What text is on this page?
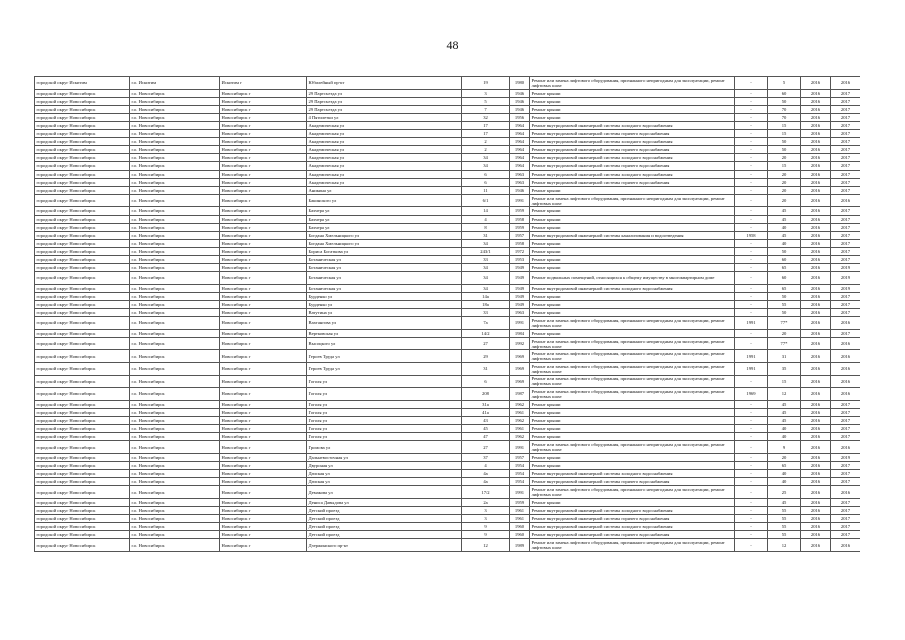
48
городской округ Искитим	г.о. Искитим	Искитим г	Юбилейный пр-кт	19	1980	Ремонт или замена лифтового оборудования, признанного непригодным для эксплуатации, ремонт лифтовых шахт	-	5	2016	2016
городской округ Новосибирск	г.о. Новосибирск	Новосибирск г	29 Партсъезда ул	3	1946	Ремонт крыши	-	60	2016	2017
городской округ Новосибирск	г.о. Новосибирск	Новосибирск г	29 Партсъезда ул	5	1946	Ремонт крыши	-	50	2016	2017
городской округ Новосибирск	г.о. Новосибирск	Новосибирск г	29 Партсъезда ул	7	1946	Ремонт крыши	-	70	2016	2017
городской округ Новосибирск	г.о. Новосибирск	Новосибирск г	4 Пятилетки ул	32	1956	Ремонт крыши	-	70	2016	2017
городской округ Новосибирск	г.о. Новосибирск	Новосибирск г	Академическая ул	17	1964	Ремонт внутридомовой инженерной системы холодного водоснабжения	-	15	2016	2017
городской округ Новосибирск	г.о. Новосибирск	Новосибирск г	Академическая ул	17	1964	Ремонт внутридомовой инженерной системы горячего водоснабжения	-	15	2016	2017
городской округ Новосибирск	г.о. Новосибирск	Новосибирск г	Академическая ул	2	1964	Ремонт внутридомовой инженерной системы холодного водоснабжения	-	50	2016	2017
городской округ Новосибирск	г.о. Новосибирск	Новосибирск г	Академическая ул	2	1964	Ремонт внутридомовой инженерной системы горячего водоснабжения	-	50	2016	2017
городской округ Новосибирск	г.о. Новосибирск	Новосибирск г	Академическая ул	34	1964	Ремонт внутридомовой инженерной системы холодного водоснабжения	-	20	2016	2017
городской округ Новосибирск	г.о. Новосибирск	Новосибирск г	Академическая ул	34	1964	Ремонт внутридомовой инженерной системы горячего водоснабжения	-	15	2016	2017
городской округ Новосибирск	г.о. Новосибирск	Новосибирск г	Академическая ул	6	1963	Ремонт внутридомовой инженерной системы холодного водоснабжения	-	20	2016	2017
городской округ Новосибирск	г.о. Новосибирск	Новосибирск г	Академическая ул	6	1963	Ремонт внутридомовой инженерной системы горячего водоснабжения	-	20	2016	2017
городской округ Новосибирск	г.о. Новосибирск	Новосибирск г	Аникина ул	11	1946	Ремонт крыши	-	20	2016	2017
городской округ Новосибирск	г.о. Новосибирск	Новосибирск г	Бакинского ул	6/1	1991	Ремонт или замена лифтового оборудования, признанного непригодным для эксплуатации, ремонт лифтовых шахт	-	20	2016	2016
городской округ Новосибирск	г.о. Новосибирск	Новосибирск г	Бахчера ул	14	1959	Ремонт крыши	-	45	2016	2017
городской округ Новосибирск	г.о. Новосибирск	Новосибирск г	Бахчера ул	4	1958	Ремонт крыши	-	45	2016	2017
городской округ Новосибирск	г.о. Новосибирск	Новосибирск г	Бахчера ул	8	1959	Ремонт крыши	-	40	2016	2017
городской округ Новосибирск	г.о. Новосибирск	Новосибирск г	Богдана Хмельницкого ул	31	1957	Ремонт внутридомовой инженерной системы канализования и водоотведения	1958	45	2016	2017
городской округ Новосибирск	г.о. Новосибирск	Новосибирск г	Богдана Хмельницкого ул	34	1958	Ремонт крыши	-	40	2016	2017
городской округ Новосибирск	г.о. Новосибирск	Новосибирск г	Бориса Богаткова ул	243/1	1972	Ремонт крыши	-	50	2016	2017
городской округ Новосибирск	г.о. Новосибирск	Новосибирск г	Ботаническая ул	33	1953	Ремонт крыши	-	60	2016	2017
городской округ Новосибирск	г.о. Новосибирск	Новосибирск г	Ботаническая ул	34	1949	Ремонт крыши	-	65	2016	2019
городской округ Новосибирск	г.о. Новосибирск	Новосибирск г	Ботаническая ул	34	1949	Ремонт подвальных помещений, относящихся к общему имуществу в многоквартирном доме	-	60	2016	2019
городской округ Новосибирск	г.о. Новосибирск	Новосибирск г	Ботаническая ул	34	1949	Ремонт внутридомовой инженерной системы холодного водоснабжения	-	65	2016	2019
городской округ Новосибирск	г.о. Новосибирск	Новосибирск г	Бурденко ул	14а	1949	Ремонт крыши	-	50	2016	2017
городской округ Новосибирск	г.о. Новосибирск	Новосибирск г	Бурденко ул	18а	1949	Ремонт крыши	-	55	2016	2017
городской округ Новосибирск	г.о. Новосибирск	Новосибирск г	Ватутина ул	33	1963	Ремонт крыши	-	50	2016	2017
городской округ Новосибирск	г.о. Новосибирск	Новосибирск г	Вахтангова ул	7а	1991	Ремонт или замена лифтового оборудования, признанного непригодным для эксплуатации, ремонт лифтовых шахт	1991	77*	2016	2016
городской округ Новосибирск	г.о. Новосибирск	Новосибирск г	Вертковская ул	14/2	1984	Ремонт крыши	-	20	2016	2017
городской округ Новосибирск	г.о. Новосибирск	Новосибирск г	Высоцкого ул	27	1992	Ремонт или замена лифтового оборудования, признанного непригодным для эксплуатации, ремонт лифтовых шахт	-	77*	2016	2016
городской округ Новосибирск	г.о. Новосибирск	Новосибирск г	Героев Труда ул	29	1969	Ремонт или замена лифтового оборудования, признанного непригодным для эксплуатации, ремонт лифтовых шахт	1991	31	2016	2016
городской округ Новосибирск	г.о. Новосибирск	Новосибирск г	Героев Труда ул	31	1969	Ремонт или замена лифтового оборудования, признанного непригодным для эксплуатации, ремонт лифтовых шахт	1991	35	2016	2016
городской округ Новосибирск	г.о. Новосибирск	Новосибирск г	Гоголя ул	6	1969	Ремонт или замена лифтового оборудования, признанного непригодным для эксплуатации, ремонт лифтовых шахт	-	15	2016	2016
городской округ Новосибирск	г.о. Новосибирск	Новосибирск г	Гоголя ул	208	1987	Ремонт или замена лифтового оборудования, признанного непригодным для эксплуатации, ремонт лифтовых шахт	1969	12	2016	2016
городской округ Новосибирск	г.о. Новосибирск	Новосибирск г	Гоголя ул	31а	1962	Ремонт крыши	-	45	2016	2017
городской округ Новосибирск	г.о. Новосибирск	Новосибирск г	Гоголя ул	41а	1961	Ремонт крыши	-	45	2016	2017
городской округ Новосибирск	г.о. Новосибирск	Новосибирск г	Гоголя ул	43	1962	Ремонт крыши	-	45	2016	2017
городской округ Новосибирск	г.о. Новосибирск	Новосибирск г	Гоголя ул	45	1961	Ремонт крыши	-	40	2016	2017
городской округ Новосибирск	г.о. Новосибирск	Новосибирск г	Гоголя ул	47	1962	Ремонт крыши	-	40	2016	2017
городской округ Новосибирск	г.о. Новосибирск	Новосибирск г	Громова ул	27	1991	Ремонт или замена лифтового оборудования, признанного непригодным для эксплуатации, ремонт лифтовых шахт	-	9	2016	2016
городской округ Новосибирск	г.о. Новосибирск	Новосибирск г	Дальневосточная ул	37	1957	Ремонт крыши	-	20	2016	2019
городской округ Новосибирск	г.о. Новосибирск	Новосибирск г	Двуроная ул	4	1954	Ремонт крыши	-	65	2016	2017
городской округ Новосибирск	г.о. Новосибирск	Новосибирск г	Дачская ул	4а	1954	Ремонт внутридомовой инженерной системы холодного водоснабжения	-	40	2016	2017
городской округ Новосибирск	г.о. Новосибирск	Новосибирск г	Дачская ул	4а	1954	Ремонт внутридомовой инженерной системы горячего водоснабжения	-	40	2016	2017
городской округ Новосибирск	г.о. Новосибирск	Новосибирск г	Демакова ул	17/2	1991	Ремонт или замена лифтового оборудования, признанного непригодным для эксплуатации, ремонт лифтовых шахт	-	25	2016	2016
городской округ Новосибирск	г.о. Новосибирск	Новосибирск г	Дениса Давыдова ул	2а	1959	Ремонт крыши	-	45	2016	2017
городской округ Новосибирск	г.о. Новосибирск	Новосибирск г	Детский проезд	3	1961	Ремонт внутридомовой инженерной системы холодного водоснабжения	-	55	2016	2017
городской округ Новосибирск	г.о. Новосибирск	Новосибирск г	Детский проезд	3	1961	Ремонт внутридомовой инженерной системы горячего водоснабжения	-	55	2016	2017
городской округ Новосибирск	г.о. Новосибирск	Новосибирск г	Детский проезд	9	1960	Ремонт внутридомовой инженерной системы холодного водоснабжения	-	55	2016	2017
городской округ Новосибирск	г.о. Новосибирск	Новосибирск г	Детский проезд	9	1960	Ремонт внутридомовой инженерной системы горячего водоснабжения	-	55	2016	2017
городской округ Новосибирск	г.о. Новосибирск	Новосибирск г	Дзержинского пр-кт	12	1989	Ремонт или замена лифтового оборудования, признанного непригодным для эксплуатации, ремонт лифтовых шахт	-	12	2016	2016
